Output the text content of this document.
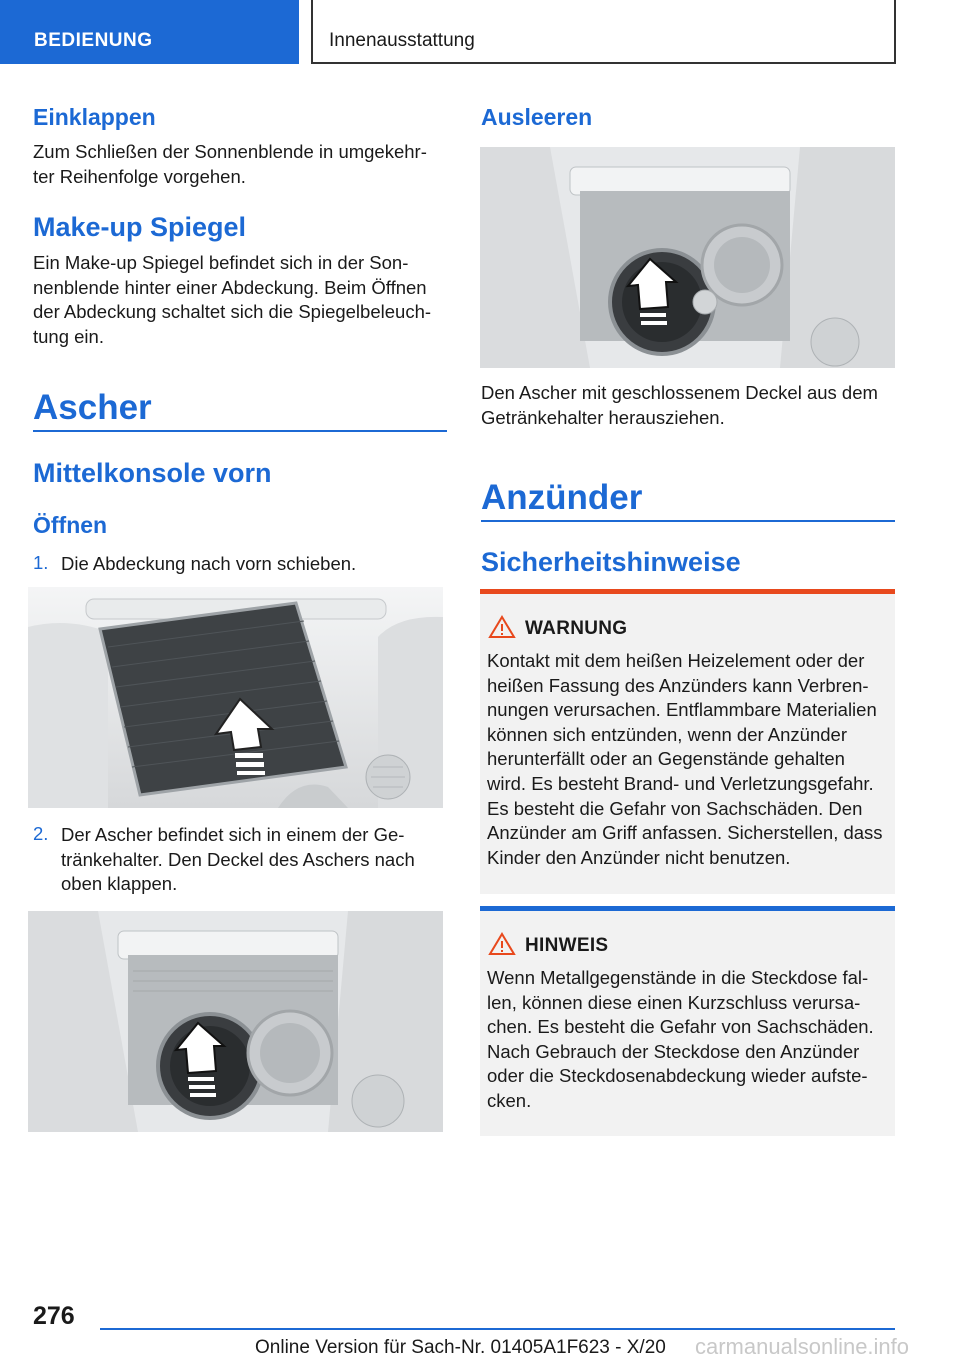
BEDIENUNG	Innenausstattung
Einklappen
Zum Schließen der Sonnenblende in umgekehr-
ter Reihenfolge vorgehen.
Make-up Spiegel
Ein Make-up Spiegel befindet sich in der Son-
nenblende hinter einer Abdeckung. Beim Öffnen
der Abdeckung schaltet sich die Spiegelbeleuch-
tung ein.
Ascher
Mittelkonsole vorn
Öffnen
1. Die Abdeckung nach vorn schieben.
2. Der Ascher befindet sich in einem der Ge-
tränkehalter. Den Deckel des Aschers nach
oben klappen.
Ausleeren
Den Ascher mit geschlossenem Deckel aus dem
Getränkehalter herausziehen.
Anzünder
Sicherheitshinweise
WARNUNG
Kontakt mit dem heißen Heizelement oder der
heißen Fassung des Anzünders kann Verbren-
nungen verursachen. Entflammbare Materialien
können sich entzünden, wenn der Anzünder
herunterfällt oder an Gegenstände gehalten
wird. Es besteht Brand- und Verletzungsgefahr.
Es besteht die Gefahr von Sachschäden. Den
Anzünder am Griff anfassen. Sicherstellen, dass
Kinder den Anzünder nicht benutzen.
HINWEIS
Wenn Metallgegenstände in die Steckdose fal-
len, können diese einen Kurzschluss verursa-
chen. Es besteht die Gefahr von Sachschäden.
Nach Gebrauch der Steckdose den Anzünder
oder die Steckdosenabdeckung wieder aufste-
cken.
276
carmanualsonline.info
Online Version für Sach-Nr. 01405A1F623 - X/20
